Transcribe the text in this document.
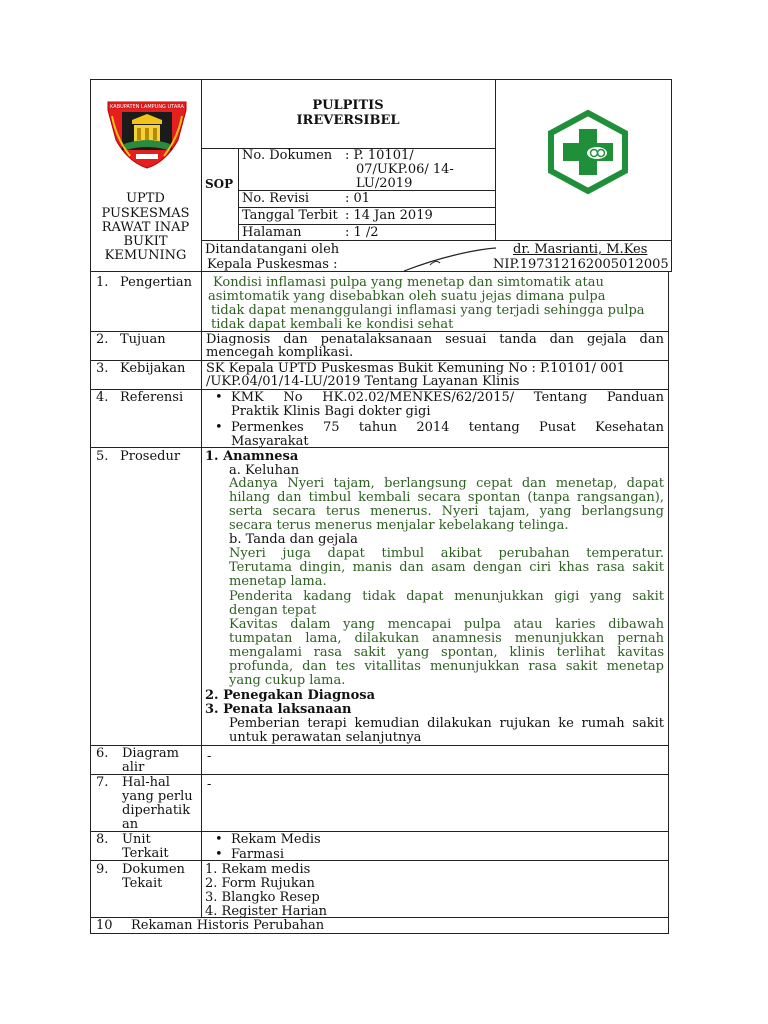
KABUPATEN LAMPUNG UTARA
UPTD
PUSKESMAS
RAWAT INAP
BUKIT
KEMUNING
PULPITIS
IREVERSIBEL
SOP
No. Dokumen : P. 10101/
07/UKP.06/ 14-
LU/2019
No. Revisi	: 01
Tanggal Terbit : 14 Jan 2019
Halaman	: 1 /2
Ditandatangani oleh
Kepala Puskesmas :
dr. Masrianti, M.Kes
NIP.197312162005012005
1. Pengertian Kondisi inflamasi pulpa yang menetap dan simtomatik atau
asimtomatik yang disebabkan oleh suatu jejas dimana pulpa
tidak dapat menanggulangi inflamasi yang terjadi sehingga pulpa
tidak dapat kembali ke kondisi sehat
2. Tujuan	Diagnosis dan penatalaksanaan sesuai tanda dan gejala dan
mencegah komplikasi.
3. Kebijakan SK Kepala UPTD Puskesmas Bukit Kemuning No : P.10101/ 001
/UKP.04/01/14-LU/2019 Tentang Layanan Klinis
4. Referensi
•	KMK No HK.02.02/MENKES/62/2015/ Tentang Panduan
Praktik Klinis Bagi dokter gigi
• Permenkes 75 tahun 2014 tentang Pusat Kesehatan
Masyarakat
5. Prosedur 1. Anamnesa
a. Keluhan
Adanya Nyeri tajam, berlangsung cepat dan menetap, dapat
hilang dan timbul kembali secara spontan (tanpa rangsangan),
serta secara terus menerus. Nyeri tajam, yang berlangsung
secara terus menerus menjalar kebelakang telinga.
b. Tanda dan gejala
Nyeri juga dapat timbul akibat perubahan temperatur.
Terutama dingin, manis dan asam dengan ciri khas rasa sakit
menetap lama.
Penderita kadang tidak dapat menunjukkan gigi yang sakit
dengan tepat
Kavitas dalam yang mencapai pulpa atau karies dibawah
tumpatan lama, dilakukan anamnesis menunjukkan pernah
mengalami rasa sakit yang spontan, klinis terlihat kavitas
profunda, dan tes vitallitas menunjukkan rasa sakit menetap
yang cukup lama.
2. Penegakan Diagnosa
3. Penata laksanaan
Pemberian terapi kemudian dilakukan rujukan ke rumah sakit
untuk perawatan selanjutnya
6. Diagram
alir
-
7. Hal-hal
yang perlu
diperhatik
an
-
8. Unit
Terkait
• Rekam Medis
• Farmasi
9. Dokumen
Tekait
1. Rekam medis
2. Form Rujukan
3. Blangko Resep
4. Register Harian
10 Rekaman Historis Perubahan
